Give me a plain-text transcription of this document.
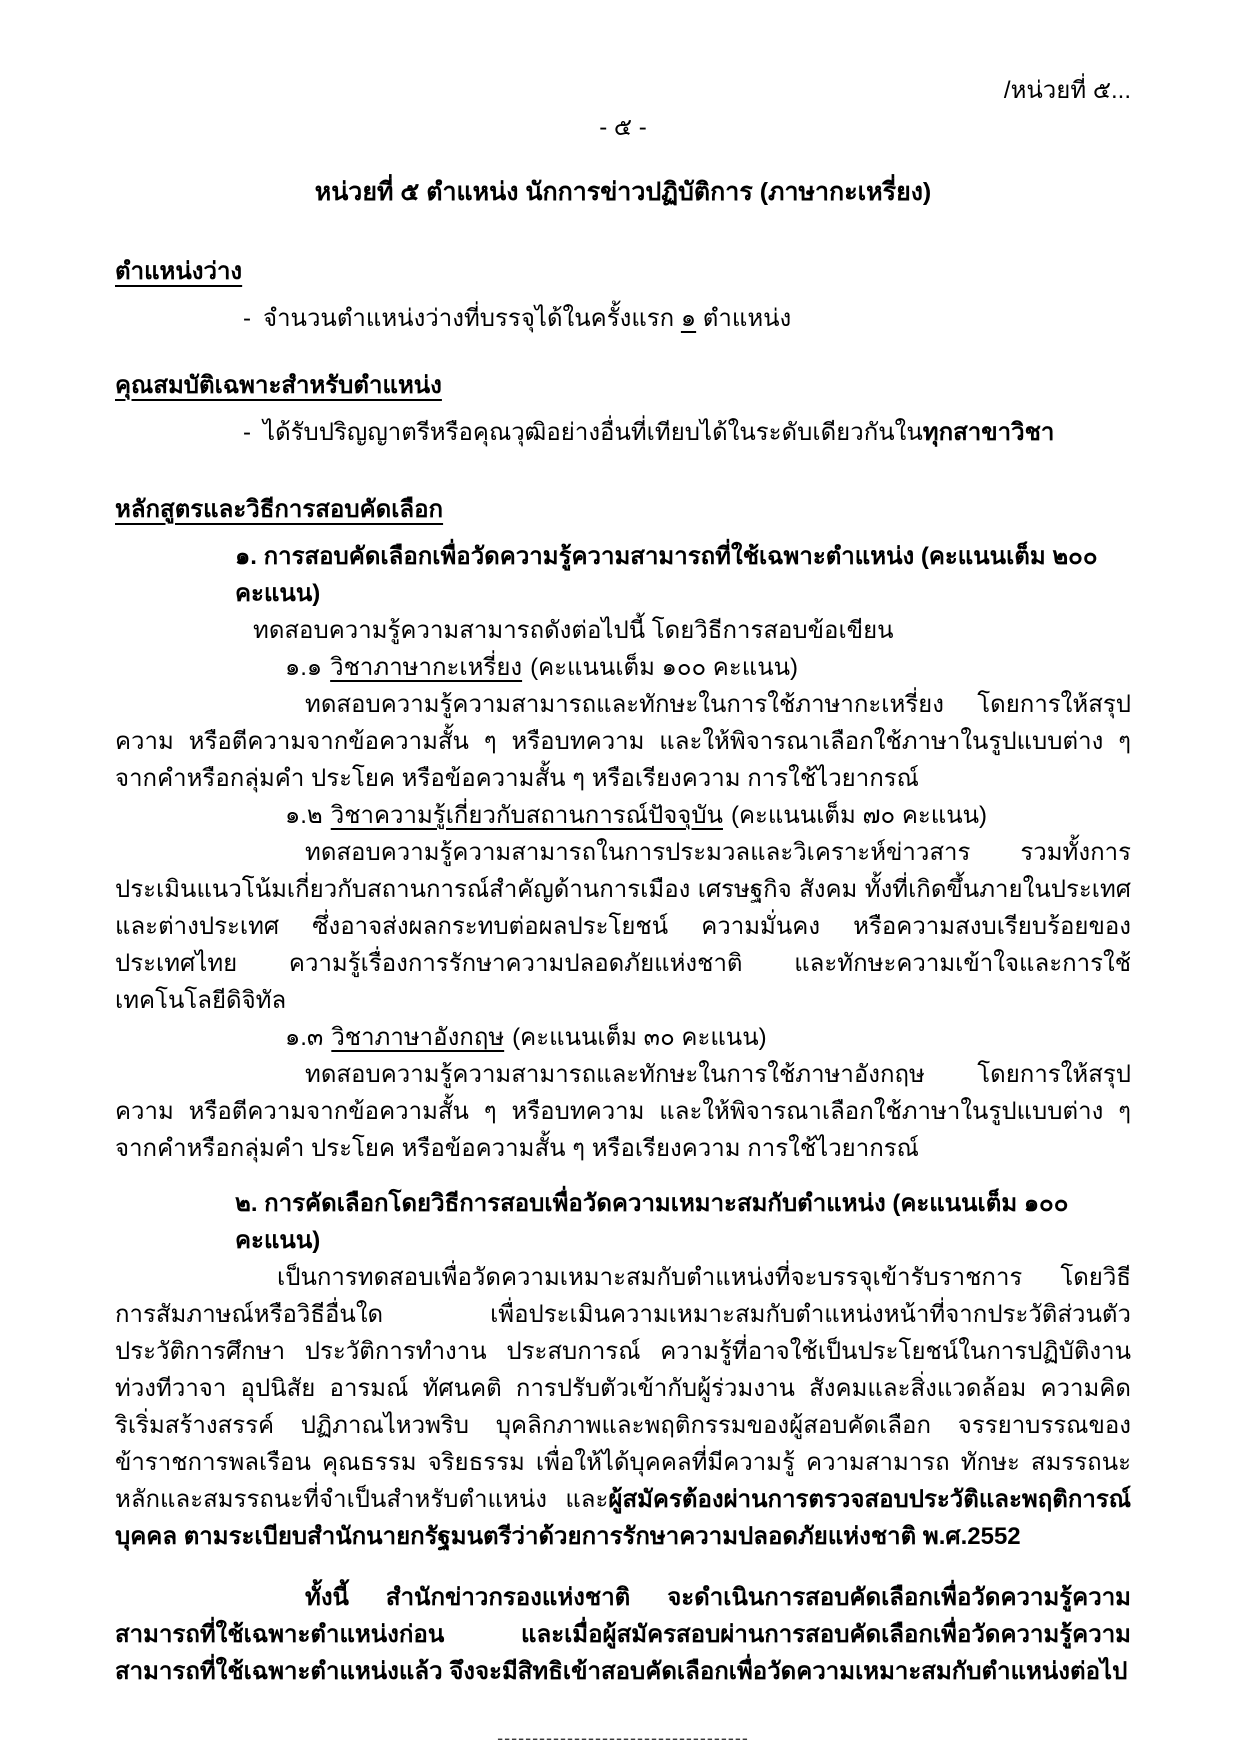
/หน่วยที่ ๕...
- ๕ -
หน่วยที่ ๕ ตำแหน่ง นักการข่าวปฏิบัติการ (ภาษากะเหรี่ยง)
ตำแหน่งว่าง
- จำนวนตำแหน่งว่างที่บรรจุได้ในครั้งแรก ๑ ตำแหน่ง
คุณสมบัติเฉพาะสำหรับตำแหน่ง
- ได้รับปริญญาตรีหรือคุณวุฒิอย่างอื่นที่เทียบได้ในระดับเดียวกันในทุกสาขาวิชา
หลักสูตรและวิธีการสอบคัดเลือก
๑. การสอบคัดเลือกเพื่อวัดความรู้ความสามารถที่ใช้เฉพาะตำแหน่ง (คะแนนเต็ม ๒๐๐ คะแนน)
ทดสอบความรู้ความสามารถดังต่อไปนี้ โดยวิธีการสอบข้อเขียน
๑.๑ วิชาภาษากะเหรี่ยง (คะแนนเต็ม ๑๐๐ คะแนน)
ทดสอบความรู้ความสามารถและทักษะในการใช้ภาษากะเหรี่ยง โดยการให้สรุปความ หรือตีความจากข้อความสั้น ๆ หรือบทความ และให้พิจารณาเลือกใช้ภาษาในรูปแบบต่าง ๆ จากคำหรือกลุ่มคำ ประโยค หรือข้อความสั้น ๆ หรือเรียงความ การใช้ไวยากรณ์
๑.๒ วิชาความรู้เกี่ยวกับสถานการณ์ปัจจุบัน (คะแนนเต็ม ๗๐ คะแนน)
ทดสอบความรู้ความสามารถในการประมวลและวิเคราะห์ข่าวสาร รวมทั้งการประเมินแนวโน้มเกี่ยวกับสถานการณ์สำคัญด้านการเมือง เศรษฐกิจ สังคม ทั้งที่เกิดขึ้นภายในประเทศและต่างประเทศ ซึ่งอาจส่งผลกระทบต่อผลประโยชน์ ความมั่นคง หรือความสงบเรียบร้อยของประเทศไทย ความรู้เรื่องการรักษาความปลอดภัยแห่งชาติ และทักษะความเข้าใจและการใช้เทคโนโลยีดิจิทัล
๑.๓ วิชาภาษาอังกฤษ (คะแนนเต็ม ๓๐ คะแนน)
ทดสอบความรู้ความสามารถและทักษะในการใช้ภาษาอังกฤษ โดยการให้สรุปความ หรือตีความจากข้อความสั้น ๆ หรือบทความ และให้พิจารณาเลือกใช้ภาษาในรูปแบบต่าง ๆ จากคำหรือกลุ่มคำ ประโยค หรือข้อความสั้น ๆ หรือเรียงความ การใช้ไวยากรณ์
๒. การคัดเลือกโดยวิธีการสอบเพื่อวัดความเหมาะสมกับตำแหน่ง (คะแนนเต็ม ๑๐๐ คะแนน)
เป็นการทดสอบเพื่อวัดความเหมาะสมกับตำแหน่งที่จะบรรจุเข้ารับราชการ โดยวิธีการสัมภาษณ์หรือวิธีอื่นใด เพื่อประเมินความเหมาะสมกับตำแหน่งหน้าที่จากประวัติส่วนตัว ประวัติการศึกษา ประวัติการทำงาน ประสบการณ์ ความรู้ที่อาจใช้เป็นประโยชน์ในการปฏิบัติงาน ท่วงทีวาจา อุปนิสัย อารมณ์ ทัศนคติ การปรับตัวเข้ากับผู้ร่วมงาน สังคมและสิ่งแวดล้อม ความคิดริเริ่มสร้างสรรค์ ปฏิภาณไหวพริบ บุคลิกภาพและพฤติกรรมของผู้สอบคัดเลือก จรรยาบรรณของข้าราชการพลเรือน คุณธรรม จริยธรรม เพื่อให้ได้บุคคลที่มีความรู้ ความสามารถ ทักษะ สมรรถนะหลักและสมรรถนะที่จำเป็นสำหรับตำแหน่ง และผู้สมัครต้องผ่านการตรวจสอบประวัติและพฤติการณ์บุคคล ตามระเบียบสำนักนายกรัฐมนตรีว่าด้วยการรักษาความปลอดภัยแห่งชาติ พ.ศ.2552
ทั้งนี้ สำนักข่าวกรองแห่งชาติ จะดำเนินการสอบคัดเลือกเพื่อวัดความรู้ความสามารถที่ใช้เฉพาะตำแหน่งก่อน และเมื่อผู้สมัครสอบผ่านการสอบคัดเลือกเพื่อวัดความรู้ความสามารถที่ใช้เฉพาะตำแหน่งแล้ว จึงจะมีสิทธิเข้าสอบคัดเลือกเพื่อวัดความเหมาะสมกับตำแหน่งต่อไป
------------------------------------
